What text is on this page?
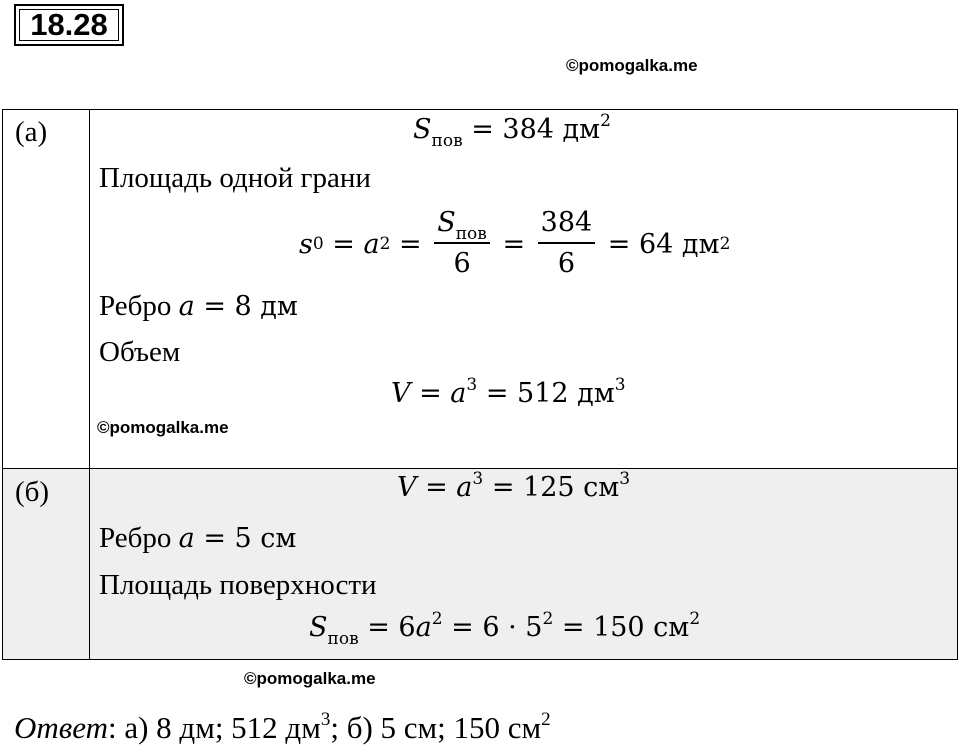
18.28
©pomogalka.me
(а)	$S_{пов} = 384$ $дм^2$
Площадь одной грани
s 0 = a $2 = \frac{S_{пов}}{6} = \frac{384}{6} = 64$ дм 2
Ребро a = 8 дм
Объем
$V = a^3 = 512$ $дм^3$
©pomogalka.me
(б)	$V = a^3 = 125$ $см^3$
Ребро a = 5 см
Площадь поверхности
$S_{пов} = 6a^2 = 6 \cdot 5^2 = 150$ $см^2$
©pomogalka.me
Ответ: а) 8 дм; 512 $дм^3$; б) 5 см; 150 $см^2$
